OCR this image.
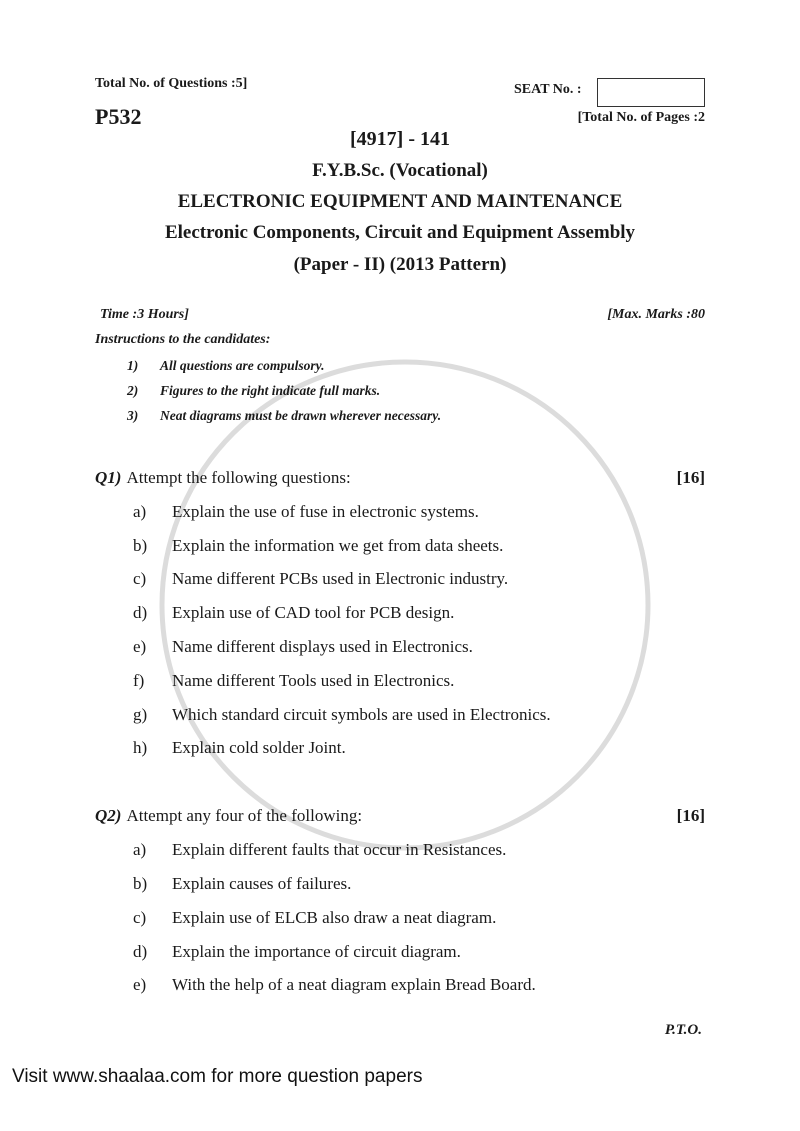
Total No. of Questions :5]
P532
SEAT No. :
[Total No. of Pages :2
[4917] - 141
F.Y.B.Sc. (Vocational)
ELECTRONIC EQUIPMENT AND MAINTENANCE
Electronic Components, Circuit and Equipment Assembly
(Paper - II) (2013 Pattern)
Time :3 Hours]	[Max. Marks :80
Instructions to the candidates:
1)	All questions are compulsory.
2)	Figures to the right indicate full marks.
3)	Neat diagrams must be drawn wherever necessary.
Q1) Attempt the following questions:	[16]
a)	Explain the use of fuse in electronic systems.
b)	Explain the information we get from data sheets.
c)	Name different PCBs used in Electronic industry.
d)	Explain use of CAD tool for PCB design.
e)	Name different displays used in Electronics.
f)	Name different Tools used in Electronics.
g)	Which standard circuit symbols are used in Electronics.
h)	Explain cold solder Joint.
Q2) Attempt any four of the following:	[16]
a)	Explain different faults that occur in Resistances.
b)	Explain causes of failures.
c)	Explain use of ELCB also draw a neat diagram.
d)	Explain the importance of circuit diagram.
e)	With the help of a neat diagram explain Bread Board.
P.T.O.
Visit www.shaalaa.com for more question papers
